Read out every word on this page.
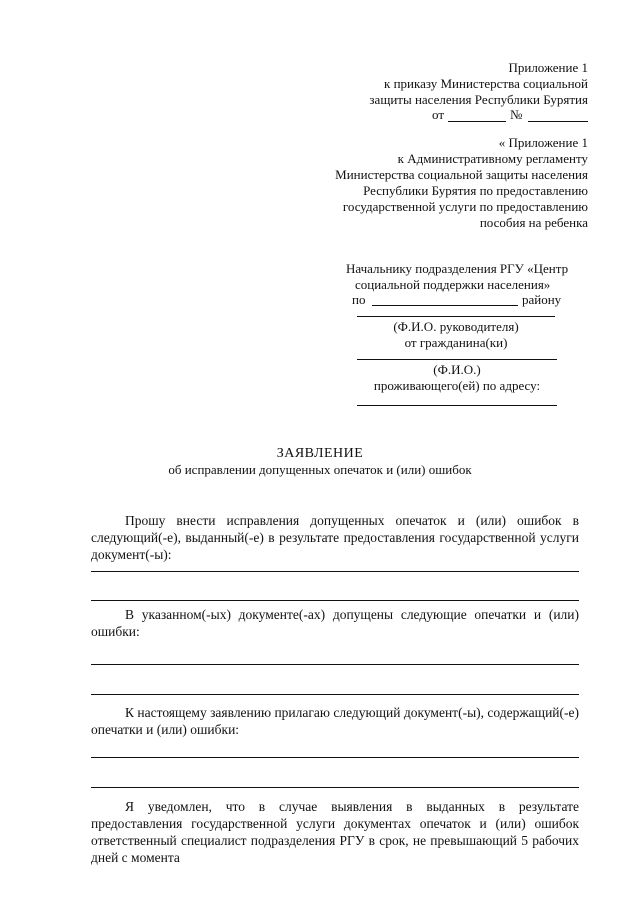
Приложение 1
к приказу Министерства социальной
защиты населения Республики Бурятия
от	№
« Приложение 1
к Административному регламенту
Министерства социальной защиты населения
Республики Бурятия по предоставлению
государственной услуги по предоставлению
пособия на ребенка
Начальнику подразделения РГУ «Центр
социальной поддержки населения»
по	району
(Ф.И.О. руководителя)
от гражданина(ки)
(Ф.И.О.)
проживающего(ей) по адресу:
ЗАЯВЛЕНИЕ
об исправлении допущенных опечаток и (или) ошибок
Прошу внести исправления допущенных опечаток и (или) ошибок в следующий(-е), выданный(-е) в результате предоставления государственной услуги документ(-ы):
В указанном(-ых) документе(-ах) допущены следующие опечатки и (или) ошибки:
К настоящему заявлению прилагаю следующий документ(-ы), содержащий(-е) опечатки и (или) ошибки:
Я уведомлен, что в случае выявления в выданных в результате предоставления государственной услуги документах опечаток и (или) ошибок ответственный специалист подразделения РГУ в срок, не превышающий 5 рабочих дней с момента
